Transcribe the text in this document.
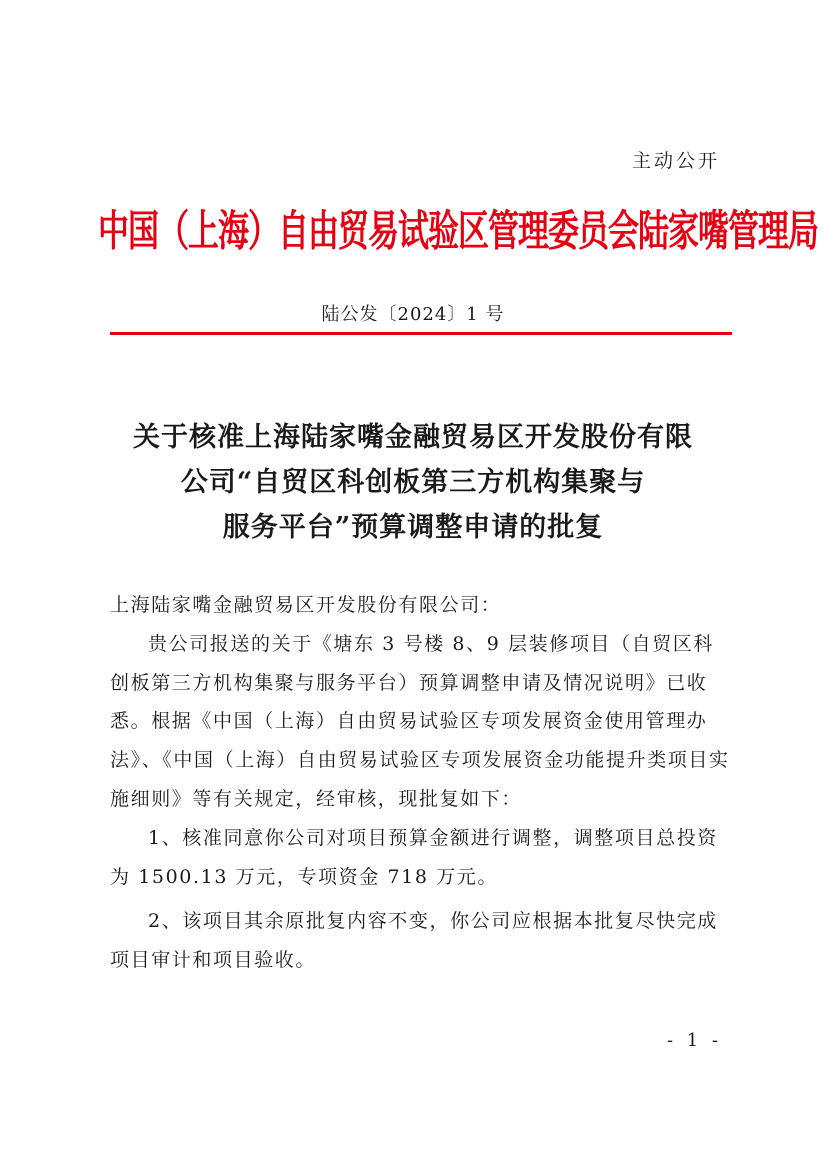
主动公开
中国（上海）自由贸易试验区管理委员会陆家嘴管理局
陆公发〔2024〕1 号
关于核准上海陆家嘴金融贸易区开发股份有限
公司“自贸区科创板第三方机构集聚与
服务平台”预算调整申请的批复

上海陆家嘴金融贸易区开发股份有限公司：

贵公司报送的关于《塘东 3 号楼 8、9 层装修项目（自贸区科创板第三方机构集聚与服务平台）预算调整申请及情况说明》已收悉。根据《中国（上海）自由贸易试验区专项发展资金使用管理办法》、《中国（上海）自由贸易试验区专项发展资金功能提升类项目实施细则》等有关规定，经审核，现批复如下：

1、核准同意你公司对项目预算金额进行调整，调整项目总投资为 1500.13 万元，专项资金 718 万元。

2、该项目其余原批复内容不变，你公司应根据本批复尽快完成项目审计和项目验收。

- 1 -
